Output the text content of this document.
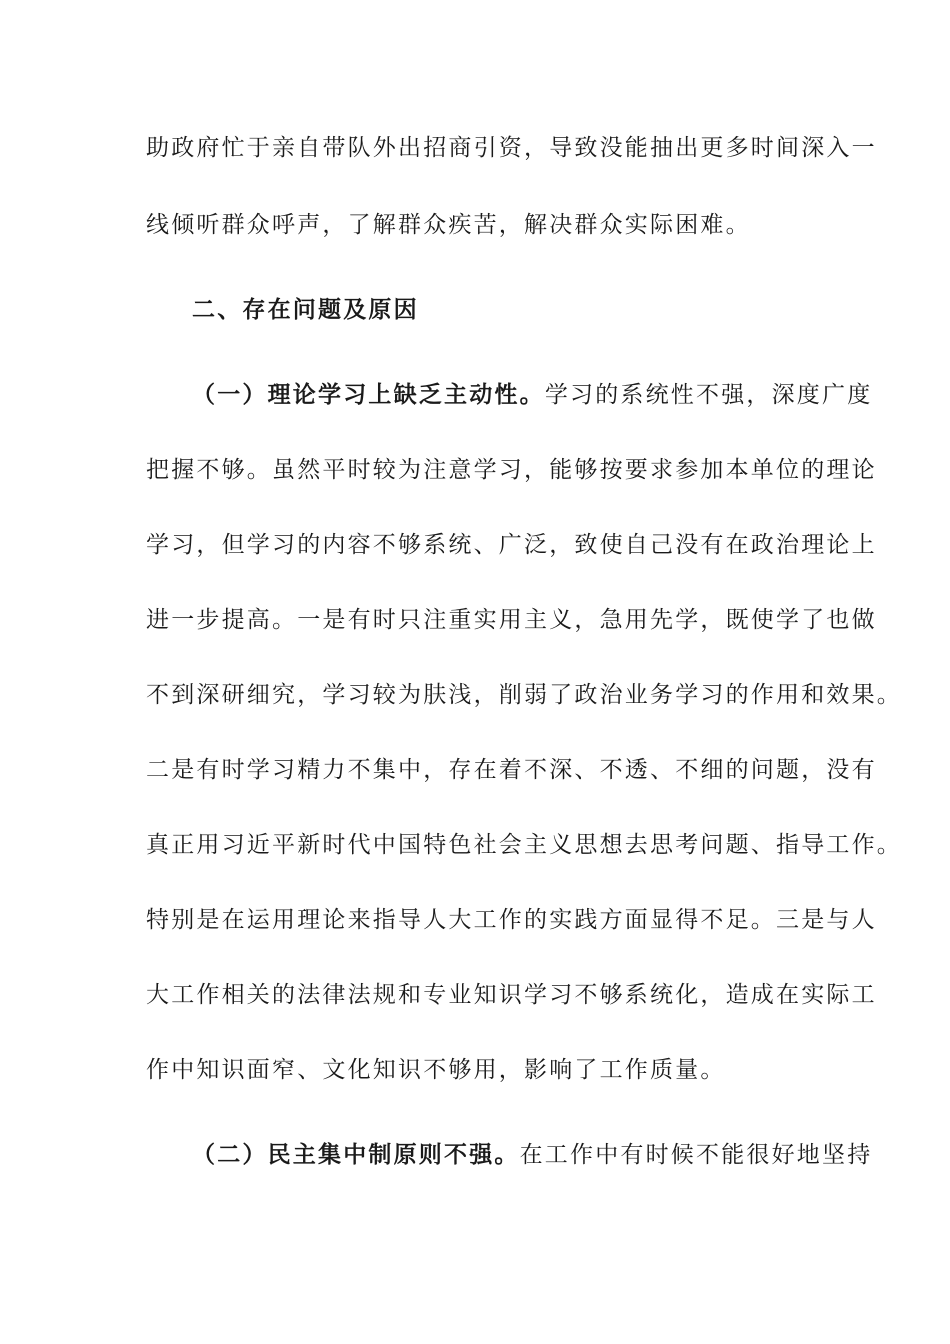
助政府忙于亲自带队外出招商引资，导致没能抽出更多时间深入一
线倾听群众呼声，了解群众疾苦，解决群众实际困难。
二、存在问题及原因
（一）理论学习上缺乏主动性。学习的系统性不强，深度广度
把握不够。虽然平时较为注意学习，能够按要求参加本单位的理论
学习，但学习的内容不够系统、广泛，致使自己没有在政治理论上
进一步提高。一是有时只注重实用主义，急用先学，既使学了也做
不到深研细究，学习较为肤浅，削弱了政治业务学习的作用和效果。
二是有时学习精力不集中，存在着不深、不透、不细的问题，没有
真正用习近平新时代中国特色社会主义思想去思考问题、指导工作。
特别是在运用理论来指导人大工作的实践方面显得不足。三是与人
大工作相关的法律法规和专业知识学习不够系统化，造成在实际工
作中知识面窄、文化知识不够用，影响了工作质量。
（二）民主集中制原则不强。在工作中有时候不能很好地坚持
